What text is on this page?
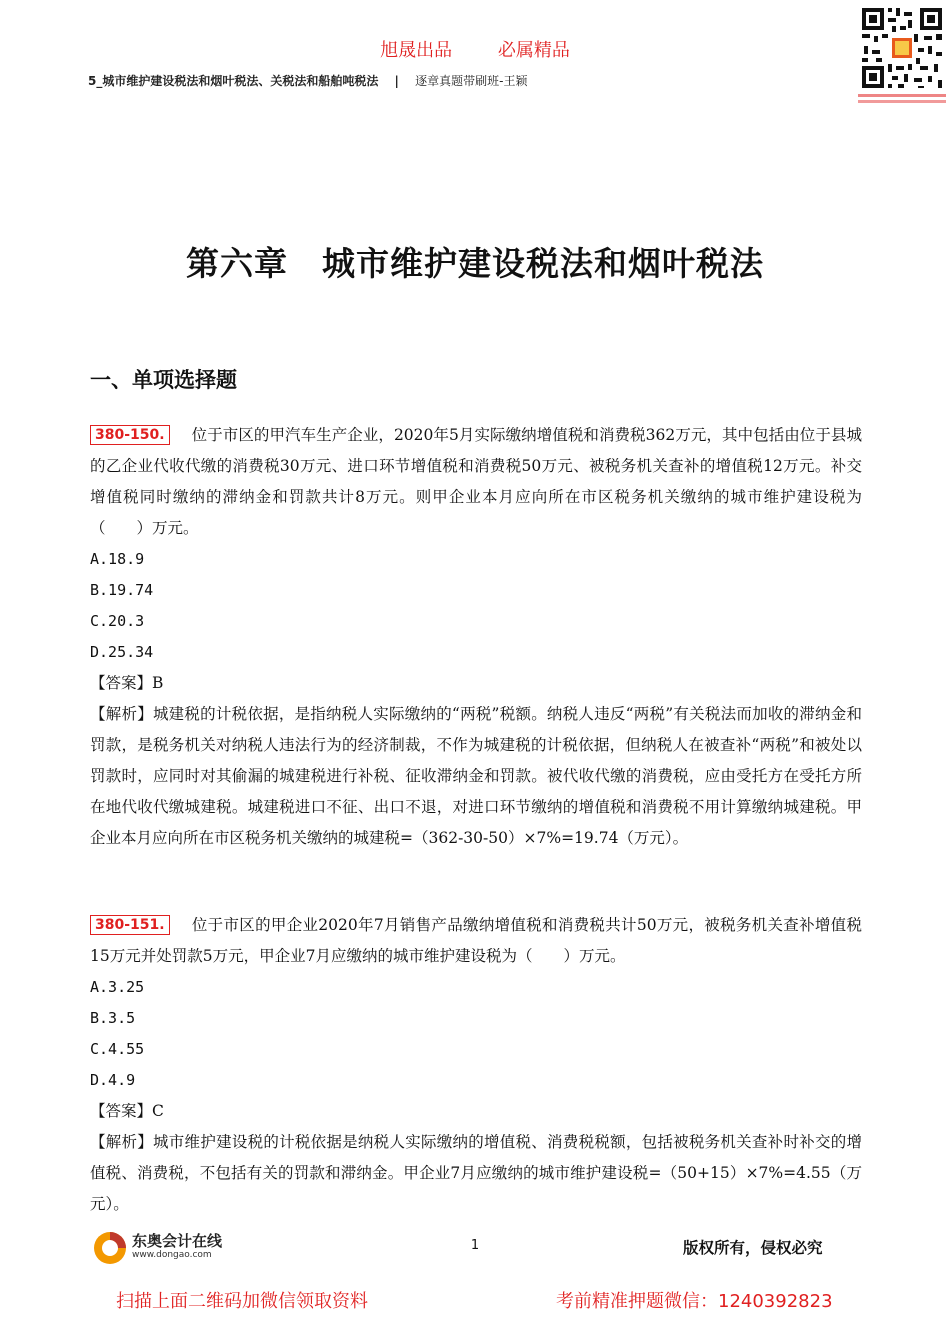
旭晟出品	必属精品
5_城市维护建设税法和烟叶税法、关税法和船舶吨税法 | 逐章真题带刷班-王颖
第六章 城市维护建设税法和烟叶税法
一、单项选择题

380-150. 位于市区的甲汽车生产企业，2020年5月实际缴纳增值税和消费税362万元，其中包括由位于县城的乙企业代收代缴的消费税30万元、进口环节增值税和消费税50万元、被税务机关查补的增值税12万元。补交增值税同时缴纳的滞纳金和罚款共计8万元。则甲企业本月应向所在市区税务机关缴纳的城市维护建设税为（　　）万元。

A.18.9

B.19.74

C.20.3

D.25.34

【答案】B

【解析】城建税的计税依据，是指纳税人实际缴纳的“两税”税额。纳税人违反“两税”有关税法而加收的滞纳金和罚款，是税务机关对纳税人违法行为的经济制裁，不作为城建税的计税依据，但纳税人在被查补“两税”和被处以罚款时，应同时对其偷漏的城建税进行补税、征收滞纳金和罚款。被代收代缴的消费税，应由受托方在受托方所在地代收代缴城建税。城建税进口不征、出口不退，对进口环节缴纳的增值税和消费税不用计算缴纳城建税。甲企业本月应向所在市区税务机关缴纳的城建税=（362-30-50）×7%=19.74（万元）。

380-151. 位于市区的甲企业2020年7月销售产品缴纳增值税和消费税共计50万元，被税务机关查补增值税15万元并处罚款5万元，甲企业7月应缴纳的城市维护建设税为（　　）万元。

A.3.25

B.3.5

C.4.55

D.4.9

【答案】C

【解析】城市维护建设税的计税依据是纳税人实际缴纳的增值税、消费税税额，包括被税务机关查补时补交的增值税、消费税，不包括有关的罚款和滞纳金。甲企业7月应缴纳的城市维护建设税=（50+15）×7%=4.55（万元）。

东奥会计在线
www.dongao.com
1	版权所有，侵权必究
扫描上面二维码加微信领取资料	考前精准押题微信：1240392823
